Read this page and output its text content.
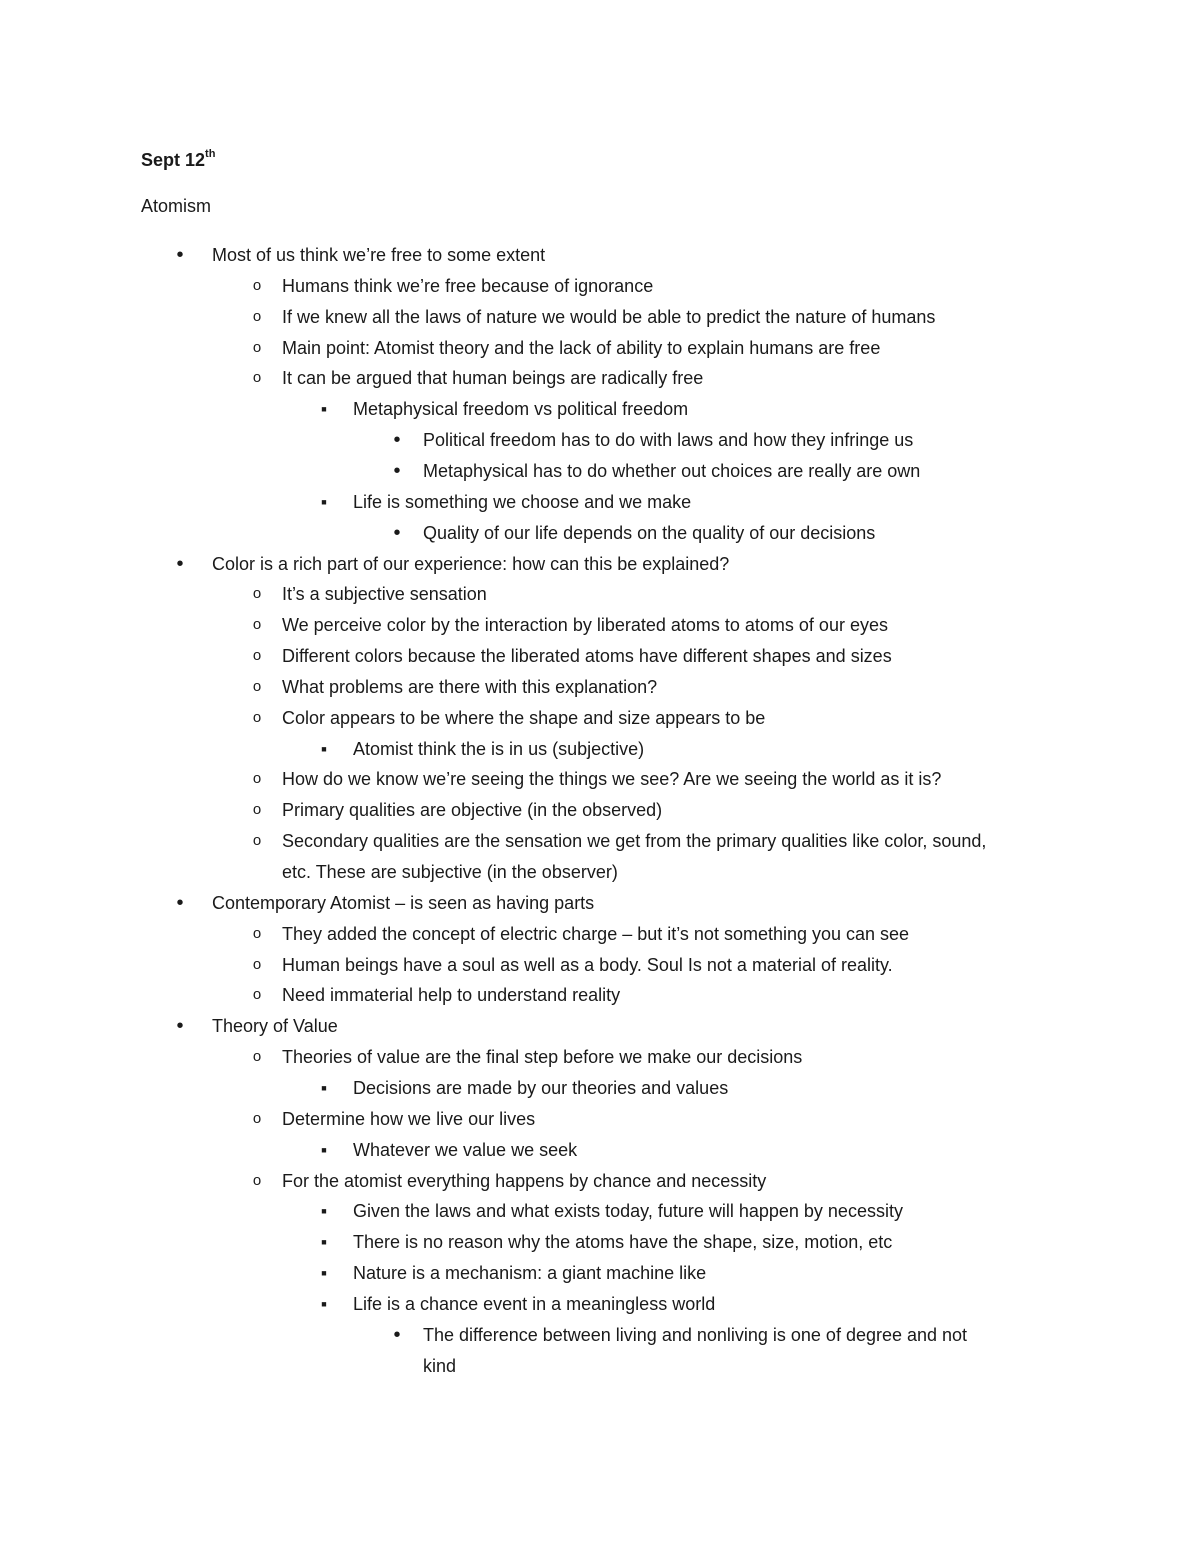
Sept 12th

Atomism

• Most of us think we’re free to some extent
o Humans think we’re free because of ignorance
o If we knew all the laws of nature we would be able to predict the nature of humans
o Main point: Atomist theory and the lack of ability to explain humans are free
o It can be argued that human beings are radically free
■ Metaphysical freedom vs political freedom
• Political freedom has to do with laws and how they infringe us
• Metaphysical has to do whether out choices are really are own
■ Life is something we choose and we make
• Quality of our life depends on the quality of our decisions
• Color is a rich part of our experience: how can this be explained?
o It’s a subjective sensation
o We perceive color by the interaction by liberated atoms to atoms of our eyes
o Different colors because the liberated atoms have different shapes and sizes
o What problems are there with this explanation?
o Color appears to be where the shape and size appears to be
■ Atomist think the is in us (subjective)
o How do we know we’re seeing the things we see? Are we seeing the world as it is?
o Primary qualities are objective (in the observed)
o Secondary qualities are the sensation we get from the primary qualities like color, sound,
etc. These are subjective (in the observer)
• Contemporary Atomist – is seen as having parts
o They added the concept of electric charge – but it’s not something you can see
o Human beings have a soul as well as a body. Soul Is not a material of reality.
o Need immaterial help to understand reality
• Theory of Value
o Theories of value are the final step before we make our decisions
■ Decisions are made by our theories and values
o Determine how we live our lives
■ Whatever we value we seek
o For the atomist everything happens by chance and necessity
■ Given the laws and what exists today, future will happen by necessity
■ There is no reason why the atoms have the shape, size, motion, etc
■ Nature is a mechanism: a giant machine like
■ Life is a chance event in a meaningless world
• The difference between living and nonliving is one of degree and not
kind
